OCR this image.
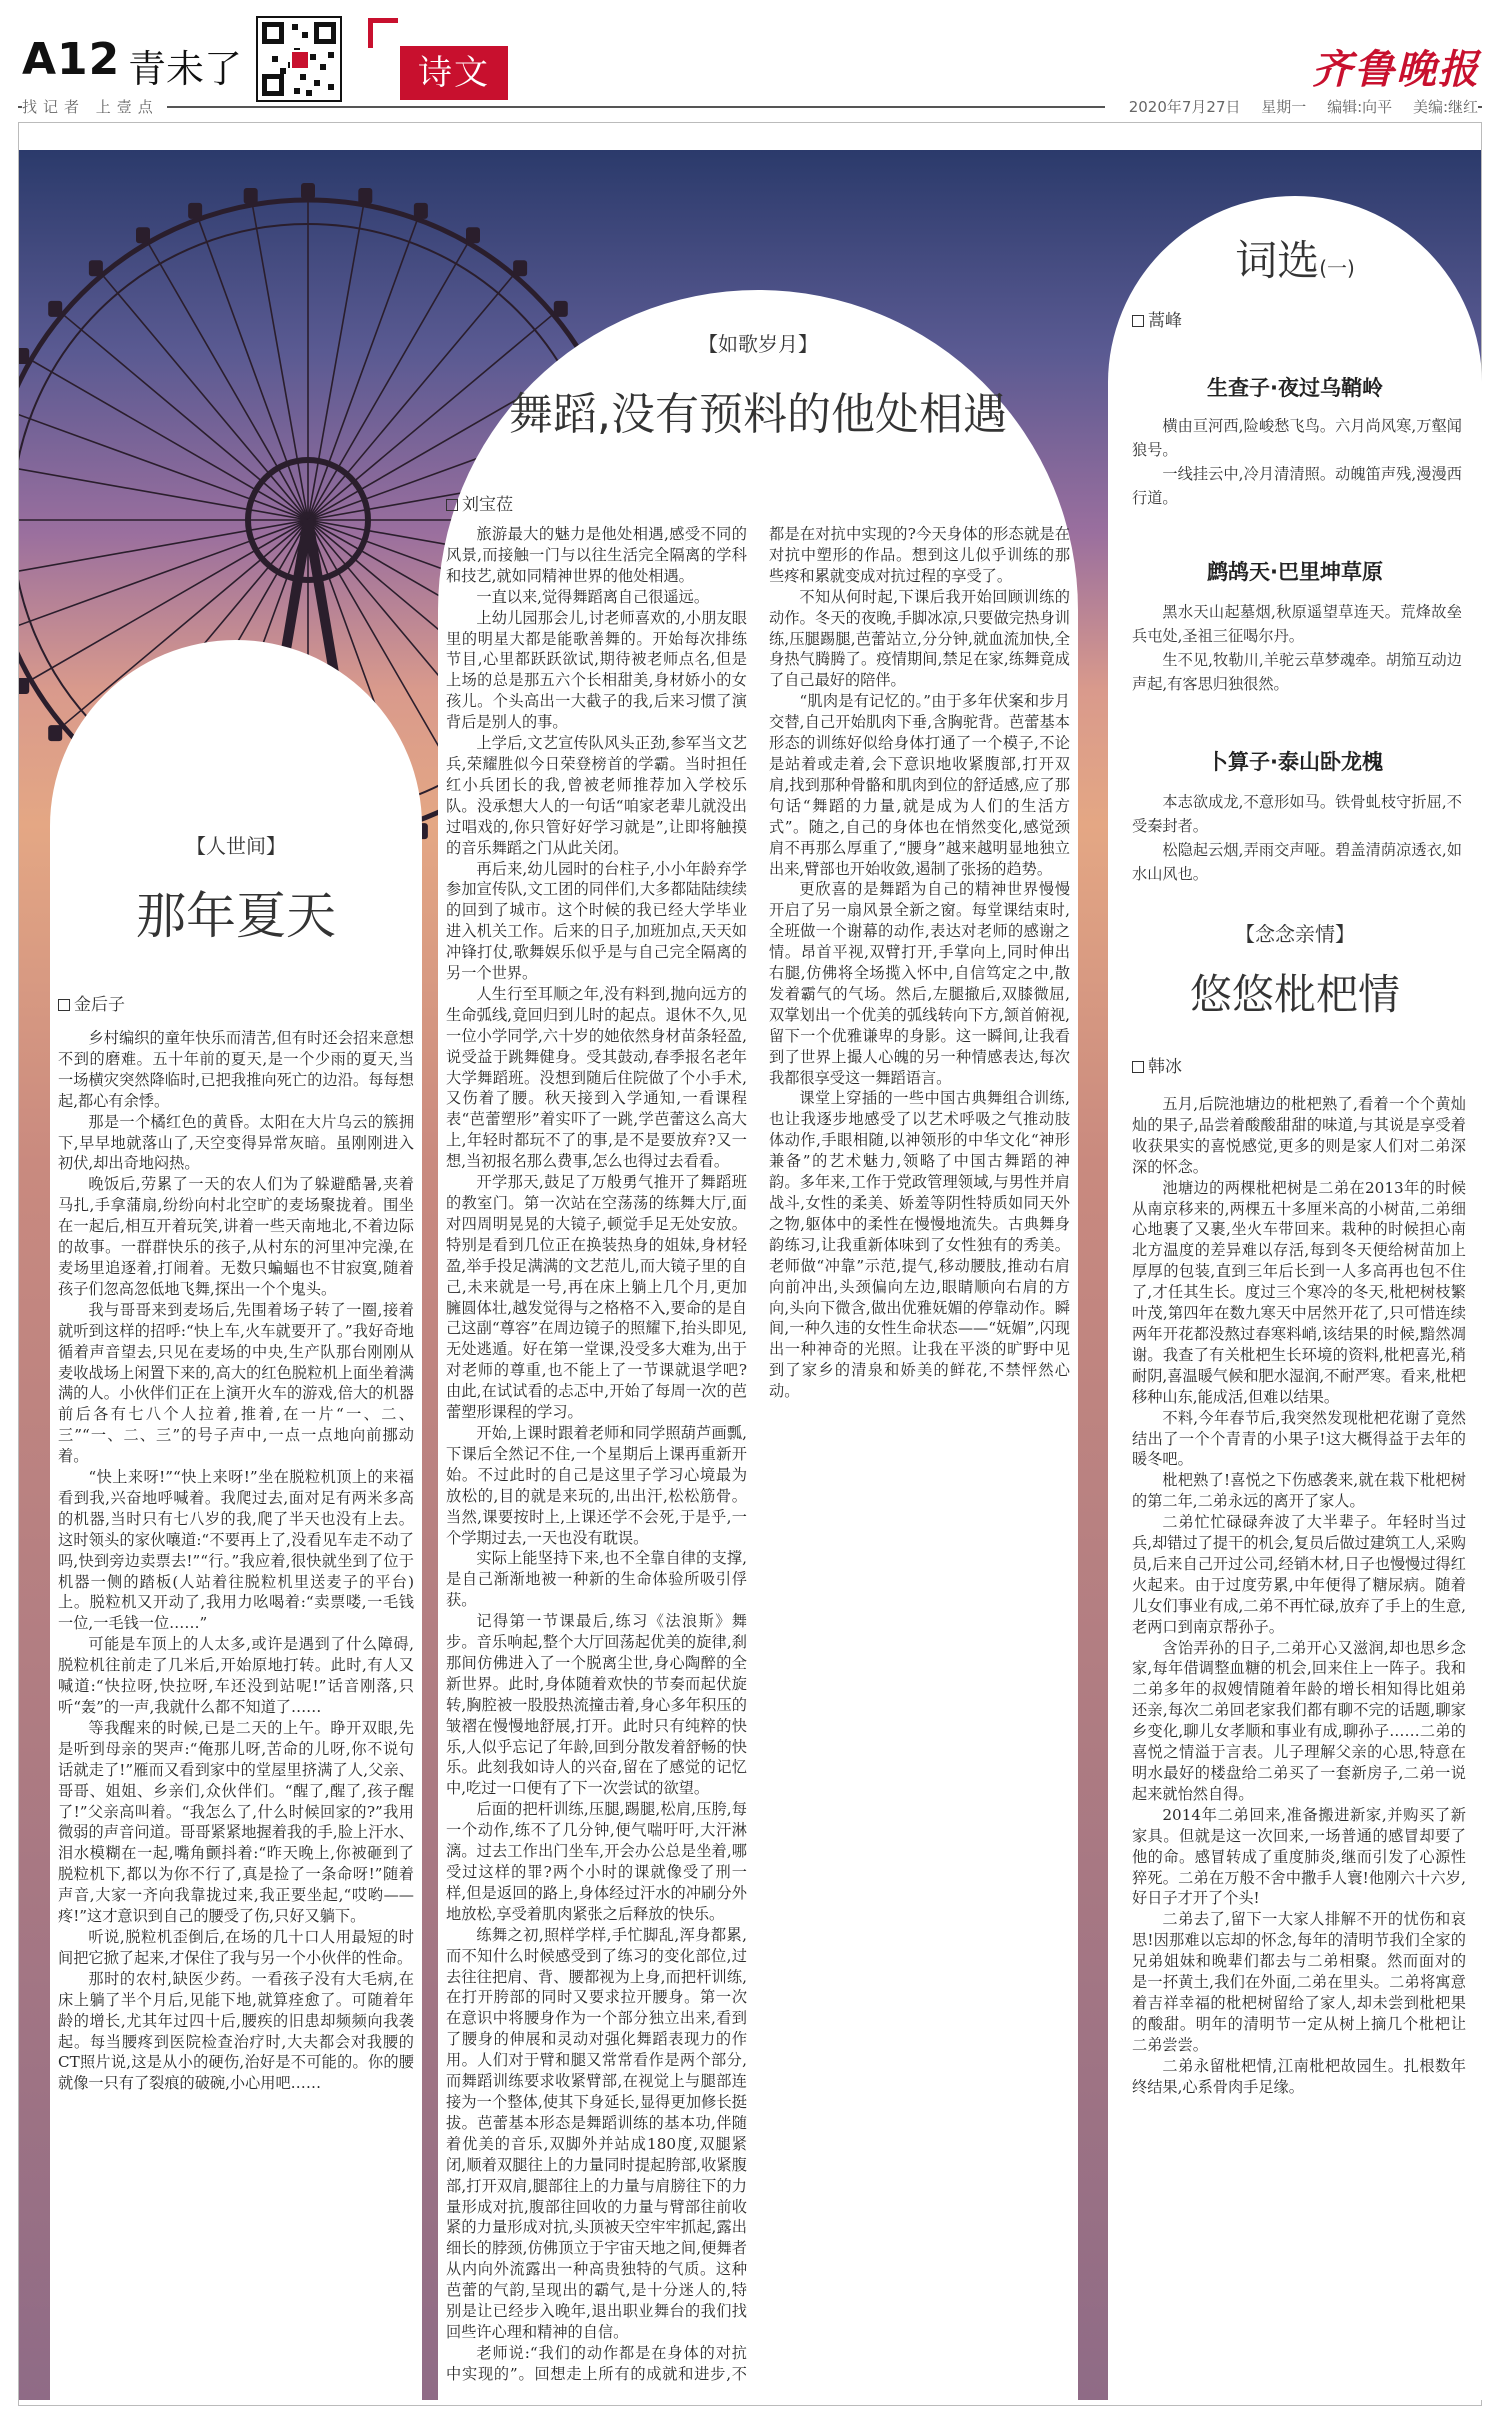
A12 青未了	诗文	齐鲁晚报
找记者 上壹点	2020年7月27日 星期一 编辑:向平 美编:继红
【人世间】
那年夏天
金后子

乡村编织的童年快乐而清苦,但有时还会招来意想不到的磨难。五十年前的夏天,是一个少雨的夏天,当一场横灾突然降临时,已把我推向死亡的边沿。每每想起,都心有余悸。

那是一个橘红色的黄昏。太阳在大片乌云的簇拥下,早早地就落山了,天空变得异常灰暗。虽刚刚进入初伏,却出奇地闷热。

晚饭后,劳累了一天的农人们为了躲避酷暑,夹着马扎,手拿蒲扇,纷纷向村北空旷的麦场聚拢着。围坐在一起后,相互开着玩笑,讲着一些天南地北,不着边际的故事。一群群快乐的孩子,从村东的河里冲完澡,在麦场里追逐着,打闹着。无数只蝙蝠也不甘寂寞,随着孩子们忽高忽低地飞舞,探出一个个鬼头。

我与哥哥来到麦场后,先围着场子转了一圈,接着就听到这样的招呼:“快上车,火车就要开了。”我好奇地循着声音望去,只见在麦场的中央,生产队那台刚刚从麦收战场上闲置下来的,高大的红色脱粒机上面坐着满满的人。小伙伴们正在上演开火车的游戏,倍大的机器前后各有七八个人拉着,推着,在一片“一、二、三”“一、二、三”的号子声中,一点一点地向前挪动着。

“快上来呀!”“快上来呀!”坐在脱粒机顶上的来福看到我,兴奋地呼喊着。我爬过去,面对足有两米多高的机器,当时只有七八岁的我,爬了半天也没有上去。这时领头的家伙嚷道:“不要再上了,没看见车走不动了吗,快到旁边卖票去!”“行。”我应着,很快就坐到了位于机器一侧的踏板(人站着往脱粒机里送麦子的平台)上。脱粒机又开动了,我用力吆喝着:“卖票喽,一毛钱一位,一毛钱一位……”

可能是车顶上的人太多,或许是遇到了什么障碍,脱粒机往前走了几米后,开始原地打转。此时,有人又喊道:“快拉呀,快拉呀,车还没到站呢!”话音刚落,只听“轰”的一声,我就什么都不知道了……

等我醒来的时候,已是二天的上午。睁开双眼,先是听到母亲的哭声:“俺那儿呀,苦命的儿呀,你不说句话就走了!”雁而又看到家中的堂屋里挤满了人,父亲、哥哥、姐姐、乡亲们,众伙伴们。“醒了,醒了,孩子醒了!”父亲高叫着。“我怎么了,什么时候回家的?”我用微弱的声音问道。哥哥紧紧地握着我的手,脸上汗水、泪水模糊在一起,嘴角颤抖着:“昨天晚上,你被砸到了脱粒机下,都以为你不行了,真是捡了一条命呀!”随着声音,大家一齐向我靠拢过来,我正要坐起,“哎哟——疼!”这才意识到自己的腰受了伤,只好又躺下。

听说,脱粒机歪倒后,在场的几十口人用最短的时间把它掀了起来,才保住了我与另一个小伙伴的性命。

那时的农村,缺医少药。一看孩子没有大毛病,在床上躺了半个月后,见能下地,就算痊愈了。可随着年龄的增长,尤其年过四十后,腰疾的旧患却频频向我袭起。每当腰疼到医院检查治疗时,大夫都会对我腰的CT照片说,这是从小的硬伤,治好是不可能的。你的腰就像一只有了裂痕的破碗,小心用吧……

【如歌岁月】
舞蹈,没有预料的他处相遇
刘宝莅

旅游最大的魅力是他处相遇,感受不同的风景,而接触一门与以往生活完全隔离的学科和技艺,就如同精神世界的他处相遇。

一直以来,觉得舞蹈离自己很遥远。

上幼儿园那会儿,讨老师喜欢的,小朋友眼里的明星大都是能歌善舞的。开始每次排练节目,心里都跃跃欲试,期待被老师点名,但是上场的总是那五六个长相甜美,身材娇小的女孩儿。个头高出一大截子的我,后来习惯了演背后是别人的事。

上学后,文艺宣传队风头正劲,参军当文艺兵,荣耀胜似今日荣登榜首的学霸。当时担任红小兵团长的我,曾被老师推荐加入学校乐队。没承想大人的一句话“咱家老辈儿就没出过唱戏的,你只管好好学习就是”,让即将触摸的音乐舞蹈之门从此关闭。

再后来,幼儿园时的台柱子,小小年龄弃学参加宣传队,文工团的同伴们,大多都陆陆续续的回到了城市。这个时候的我已经大学毕业进入机关工作。后来的日子,加班加点,天天如冲锋打仗,歌舞娱乐似乎是与自己完全隔离的另一个世界。

人生行至耳顺之年,没有料到,抛向远方的生命弧线,竟回归到儿时的起点。退休不久,见一位小学同学,六十岁的她依然身材苗条轻盈,说受益于跳舞健身。受其鼓动,春季报名老年大学舞蹈班。没想到随后住院做了个小手术,又伤着了腰。秋天接到入学通知,一看课程表“芭蕾塑形”着实吓了一跳,学芭蕾这么高大上,年轻时都玩不了的事,是不是要放弃?又一想,当初报名那么费事,怎么也得过去看看。

开学那天,鼓足了万般勇气推开了舞蹈班的教室门。第一次站在空荡荡的练舞大厅,面对四周明晃晃的大镜子,顿觉手足无处安放。特别是看到几位正在换装热身的姐妹,身材轻盈,举手投足满满的文艺范儿,而大镜子里的自己,未来就是一号,再在床上躺上几个月,更加臃圆体壮,越发觉得与之格格不入,要命的是自己这副“尊容”在周边镜子的照耀下,抬头即见,无处逃遁。好在第一堂课,没受多大难为,出于对老师的尊重,也不能上了一节课就退学吧?由此,在试试看的忐忑中,开始了每周一次的芭蕾塑形课程的学习。

开始,上课时跟着老师和同学照葫芦画瓢,下课后全然记不住,一个星期后上课再重新开始。不过此时的自己是这里子学习心境最为放松的,目的就是来玩的,出出汗,松松筋骨。当然,课要按时上,上课还学不会死,于是乎,一个学期过去,一天也没有耽误。

实际上能坚持下来,也不全靠自律的支撑,是自己渐渐地被一种新的生命体验所吸引俘获。

记得第一节课最后,练习《法浪斯》舞步。音乐响起,整个大厅回荡起优美的旋律,刹那间仿佛进入了一个脱离尘世,身心陶醉的全新世界。此时,身体随着欢快的节奏而起伏旋转,胸腔被一股股热流撞击着,身心多年积压的皱褶在慢慢地舒展,打开。此时只有纯粹的快乐,人似乎忘记了年龄,回到分散发着舒畅的快乐。此刻我如诗人的兴奋,留在了感觉的记忆中,吃过一口便有了下一次尝试的欲望。

后面的把杆训练,压腿,踢腿,松肩,压胯,每一个动作,练不了几分钟,便气喘吁吁,大汗淋漓。过去工作出门坐车,开会办公总是坐着,哪受过这样的罪?两个小时的课就像受了刑一样,但是返回的路上,身体经过汗水的冲刷分外地放松,享受着肌肉紧张之后释放的快乐。

练舞之初,照样学样,手忙脚乱,浑身都累,而不知什么时候感受到了练习的变化部位,过去往往把肩、背、腰都视为上身,而把杆训练,在打开胯部的同时又要求拉开腰身。第一次在意识中将腰身作为一个部分独立出来,看到了腰身的伸展和灵动对强化舞蹈表现力的作用。人们对于臂和腿又常常看作是两个部分,而舞蹈训练要求收紧臂部,在视觉上与腿部连接为一个整体,使其下身延长,显得更加修长挺拔。芭蕾基本形态是舞蹈训练的基本功,伴随着优美的音乐,双脚外并站成180度,双腿紧闭,顺着双腿往上的力量同时提起胯部,收紧腹部,打开双肩,腿部往上的力量与肩膀往下的力量形成对抗,腹部往回收的力量与臂部往前收紧的力量形成对抗,头顶被天空牢牢抓起,露出细长的脖颈,仿佛顶立于宇宙天地之间,便舞者从内向外流露出一种高贵独特的气质。这种芭蕾的气韵,呈现出的霸气,是十分迷人的,特别是让已经步入晚年,退出职业舞台的我们找回些许心理和精神的自信。

老师说:“我们的动作都是在身体的对抗中实现的”。回想走上所有的成就和进步,不都是在对抗中实现的?今天身体的形态就是在对抗中塑形的作品。想到这儿似乎训练的那些疼和累就变成对抗过程的享受了。

不知从何时起,下课后我开始回顾训练的动作。冬天的夜晚,手脚冰凉,只要做完热身训练,压腿踢腿,芭蕾站立,分分钟,就血流加快,全身热气腾腾了。疫情期间,禁足在家,练舞竟成了自己最好的陪伴。

“肌肉是有记忆的。”由于多年伏案和步月交替,自己开始肌肉下垂,含胸驼背。芭蕾基本形态的训练好似给身体打通了一个模子,不论是站着或走着,会下意识地收紧腹部,打开双肩,找到那种骨骼和肌肉到位的舒适感,应了那句话“舞蹈的力量,就是成为人们的生活方式”。随之,自己的身体也在悄然变化,感觉颈肩不再那么厚重了,“腰身”越来越明显地独立出来,臂部也开始收敛,遏制了张扬的趋势。

更欣喜的是舞蹈为自己的精神世界慢慢开启了另一扇风景全新之窗。每堂课结束时,全班做一个谢幕的动作,表达对老师的感谢之情。昂首平视,双臂打开,手掌向上,同时伸出右腿,仿佛将全场揽入怀中,自信笃定之中,散发着霸气的气场。然后,左腿撤后,双膝微屈,双掌划出一个优美的弧线转向下方,颔首俯视,留下一个优雅谦卑的身影。这一瞬间,让我看到了世界上撮人心魄的另一种情感表达,每次我都很享受这一舞蹈语言。

课堂上穿插的一些中国古典舞组合训练,也让我逐步地感受了以艺术呼吸之气推动肢体动作,手眼相随,以神领形的中华文化“神形兼备”的艺术魅力,领略了中国古舞蹈的神韵。多年来,工作于党政管理领域,与男性并肩战斗,女性的柔美、娇羞等阴性特质如同天外之物,躯体中的柔性在慢慢地流失。古典舞身韵练习,让我重新体味到了女性独有的秀美。老师做“冲靠”示范,提气,移动腰肢,推动右肩向前冲出,头颈偏向左边,眼睛顺向右肩的方向,头向下微含,做出优雅妩媚的停靠动作。瞬间,一种久违的女性生命状态——“妩媚”,闪现出一种神奇的光照。让我在平淡的旷野中见到了家乡的清泉和娇美的鲜花,不禁怦然心动。

词选(一)
蒿峰
生查子·夜过乌鞘岭

横由亘河西,险峻愁飞鸟。六月尚风寒,万壑闻狼号。

一线挂云中,冷月清清照。动魄笛声残,漫漫西行道。

鹧鸪天·巴里坤草原

黑水天山起墓烟,秋原遥望草连天。荒烽故垒兵屯处,圣祖三征喝尔丹。

生不见,牧勒川,羊驼云草梦魂牵。胡笳互动边声起,有客思归独很然。

卜算子·泰山卧龙槐

本志欲成龙,不意形如马。铁骨虬枝守折屈,不受秦封者。

松隐起云烟,弄雨交声哑。碧盖清荫凉透衣,如水山风也。

【念念亲情】
悠悠枇杷情
韩冰

五月,后院池塘边的枇杷熟了,看着一个个黄灿灿的果子,品尝着酸酸甜甜的味道,与其说是享受着收获果实的喜悦感觉,更多的则是家人们对二弟深深的怀念。

池塘边的两棵枇杷树是二弟在2013年的时候从南京移来的,两棵五十多厘米高的小树苗,二弟细心地裹了又裹,坐火车带回来。栽种的时候担心南北方温度的差异难以存活,每到冬天便给树苗加上厚厚的包装,直到三年后长到一人多高再也包不住了,才任其生长。度过三个寒冷的冬天,枇杷树枝繁叶茂,第四年在数九寒天中居然开花了,只可惜连续两年开花都没熬过春寒料峭,该结果的时候,黯然凋谢。我查了有关枇杷生长环境的资料,枇杷喜光,稍耐阴,喜温暖气候和肥水湿润,不耐严寒。看来,枇杷移种山东,能成活,但难以结果。

不料,今年春节后,我突然发现枇杷花谢了竟然结出了一个个青青的小果子!这大概得益于去年的暖冬吧。

枇杷熟了!喜悦之下伤感袭来,就在栽下枇杷树的第二年,二弟永远的离开了家人。

二弟忙忙碌碌奔波了大半辈子。年轻时当过兵,却错过了提干的机会,复员后做过建筑工人,采购员,后来自己开过公司,经销木材,日子也慢慢过得红火起来。由于过度劳累,中年便得了糖尿病。随着儿女们事业有成,二弟不再忙碌,放弃了手上的生意,老两口到南京帮孙子。

含饴弄孙的日子,二弟开心又滋润,却也思乡念家,每年借调整血糖的机会,回来住上一阵子。我和二弟多年的叔嫂情随着年龄的增长相知得比姐弟还亲,每次二弟回老家我们都有聊不完的话题,聊家乡变化,聊儿女孝顺和事业有成,聊孙子……二弟的喜悦之情溢于言表。儿子理解父亲的心思,特意在明水最好的楼盘给二弟买了一套新房子,二弟一说起来就怡然自得。

2014年二弟回来,准备搬进新家,并购买了新家具。但就是这一次回来,一场普通的感冒却要了他的命。感冒转成了重度肺炎,继而引发了心源性猝死。二弟在万般不舍中撒手人寰!他刚六十六岁,好日子才开了个头!

二弟去了,留下一大家人排解不开的忧伤和哀思!因那难以忘却的怀念,每年的清明节我们全家的兄弟姐妹和晚辈们都去与二弟相聚。然而面对的是一抔黄土,我们在外面,二弟在里头。二弟将寓意着吉祥幸福的枇杷树留给了家人,却未尝到枇杷果的酸甜。明年的清明节一定从树上摘几个枇杷让二弟尝尝。

二弟永留枇杷情,江南枇杷故园生。扎根数年终结果,心系骨肉手足缘。
